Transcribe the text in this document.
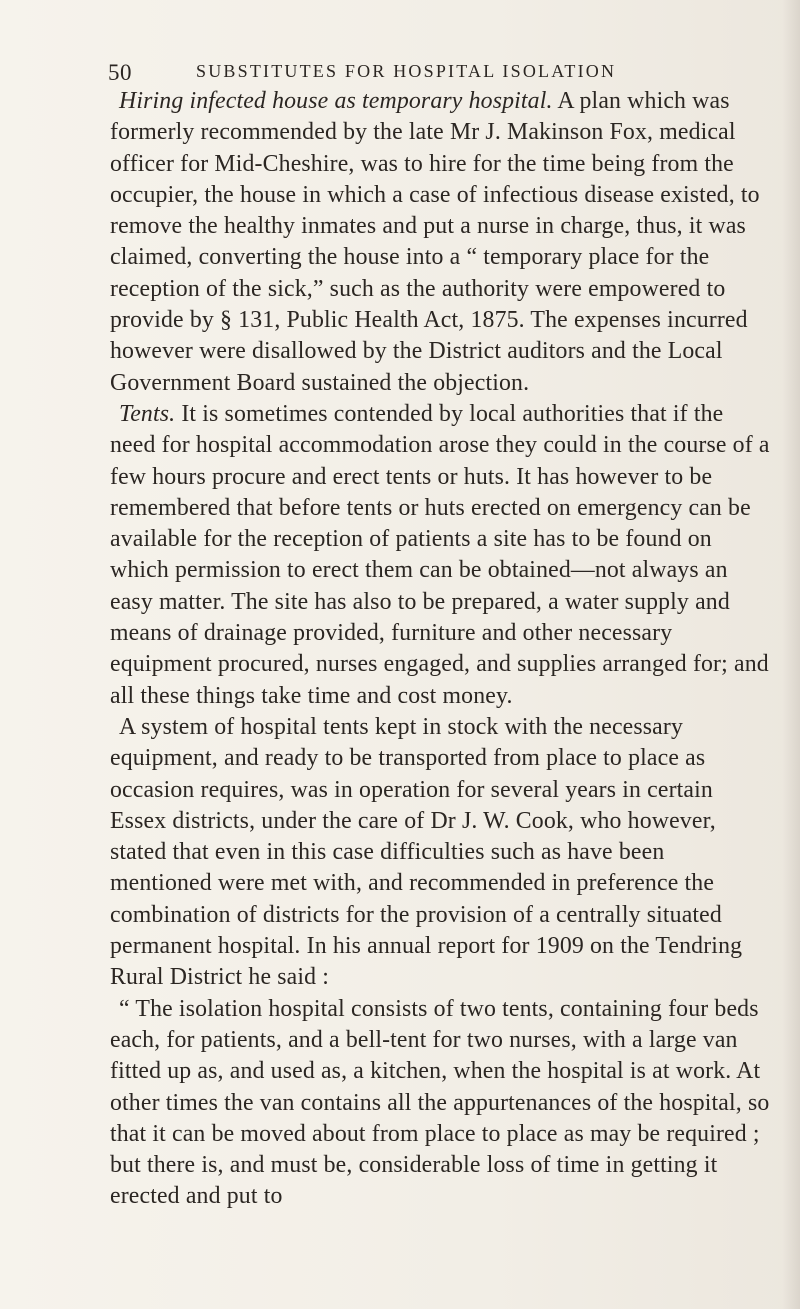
50	SUBSTITUTES FOR HOSPITAL ISOLATION

Hiring infected house as temporary hospital. A plan which was formerly recommended by the late Mr J. Makinson Fox, medical officer for Mid-Cheshire, was to hire for the time being from the occupier, the house in which a case of infectious disease existed, to remove the healthy inmates and put a nurse in charge, thus, it was claimed, converting the house into a “ temporary place for the reception of the sick,” such as the authority were empowered to provide by § 131, Public Health Act, 1875. The expenses incurred however were disallowed by the District auditors and the Local Government Board sustained the objection.

Tents. It is sometimes contended by local authorities that if the need for hospital accommodation arose they could in the course of a few hours procure and erect tents or huts. It has however to be remembered that before tents or huts erected on emergency can be available for the reception of patients a site has to be found on which permission to erect them can be obtained—not always an easy matter. The site has also to be prepared, a water supply and means of drainage provided, furniture and other necessary equipment procured, nurses engaged, and supplies arranged for; and all these things take time and cost money.

A system of hospital tents kept in stock with the necessary equipment, and ready to be transported from place to place as occasion requires, was in operation for several years in certain Essex districts, under the care of Dr J. W. Cook, who however, stated that even in this case difficulties such as have been mentioned were met with, and recommended in preference the combination of districts for the provision of a centrally situated permanent hospital. In his annual report for 1909 on the Tendring Rural District he said :

“ The isolation hospital consists of two tents, containing four beds each, for patients, and a bell-tent for two nurses, with a large van fitted up as, and used as, a kitchen, when the hospital is at work. At other times the van contains all the appurtenances of the hospital, so that it can be moved about from place to place as may be required ; but there is, and must be, considerable loss of time in getting it erected and put to
